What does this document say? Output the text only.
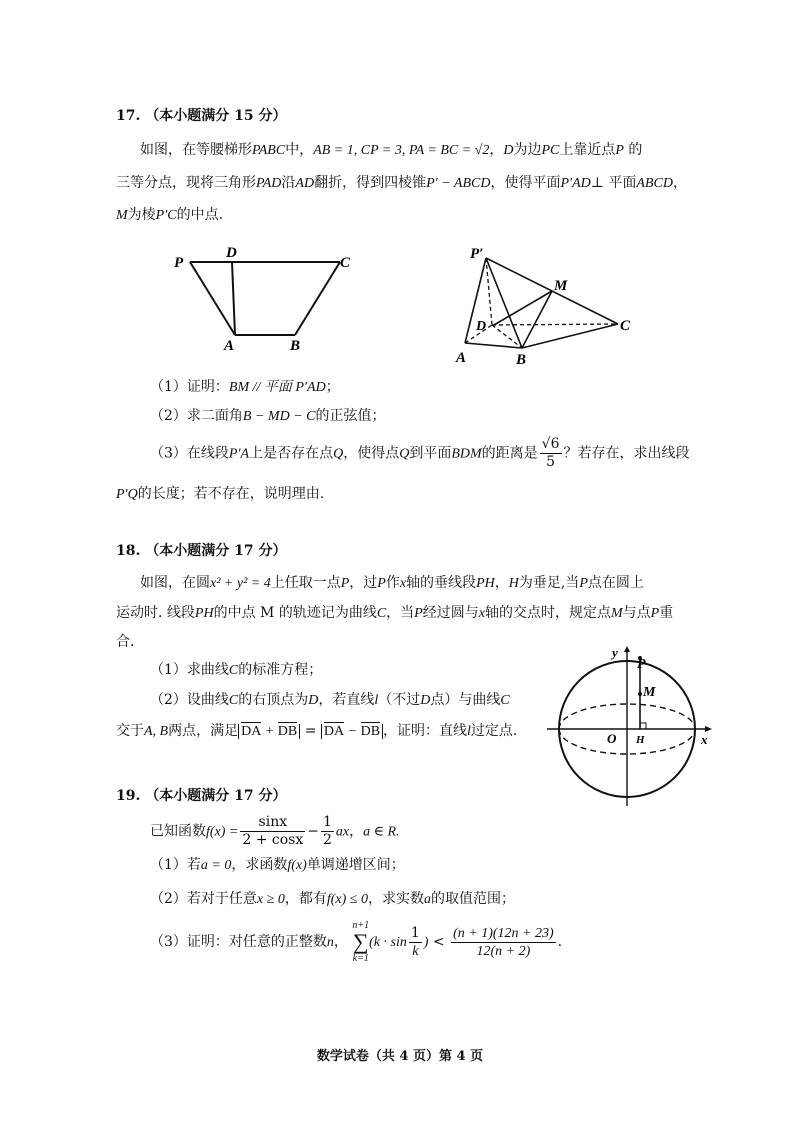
17. （本小题满分 15 分）
如图，在等腰梯形PABC中，AB = 1, CP = 3, PA = BC = √2，D为边PC上靠近点P 的
三等分点，现将三角形PAD沿AD翻折，得到四棱锥P′ − ABCD，使得平面P′AD⊥ 平面ABCD，
M为棱P′C的中点.
P
D
C
A	B
P′
M
D	C
A	B
（1）证明：BM // 平面 P′AD；
（2）求二面角B − MD − C的正弦值；
（3）在线段P′A上是否存在点Q，使得点Q到平面BDM的距离是 $\frac{√6}{5}$ ？若存在，求出线段
P′Q的长度；若不存在，说明理由.
18. （本小题满分 17 分）
如图，在圆x² + y² = 4上任取一点P，过P作x轴的垂线段PH，H为垂足,当P点在圆上
运动时. 线段PH的中点 M 的轨迹记为曲线C，当P经过圆与x轴的交点时，规定点M与点P重
合.
（1）求曲线C的标准方程；
（2）设曲线C的右顶点为D，若直线l（不过D点）与曲线C
交于A, B两点，满足 DA + DB = DA − DB ，证明：直线l过定点.
y
P
M
O H	x
19. （本小题满分 17 分）
已知函数$f(x) = \frac{\sin x}{2 + \cos x} - \frac{1}{2}$ ax，a ∈ R.
（1）若a = 0，求函数f(x)单调递增区间；
（2）若对于任意x ≥ 0，都有f(x) ≤ 0，求实数a的取值范围；
（3）证明：对任意的正整数n，
n+1
∑
k=1
($k \cdot \sin \frac{1}{k}$ ) < $\frac{(n + 1)(12n + 23)}{12(n + 2)}$ .
数学试卷（共 4 页）第 4 页
